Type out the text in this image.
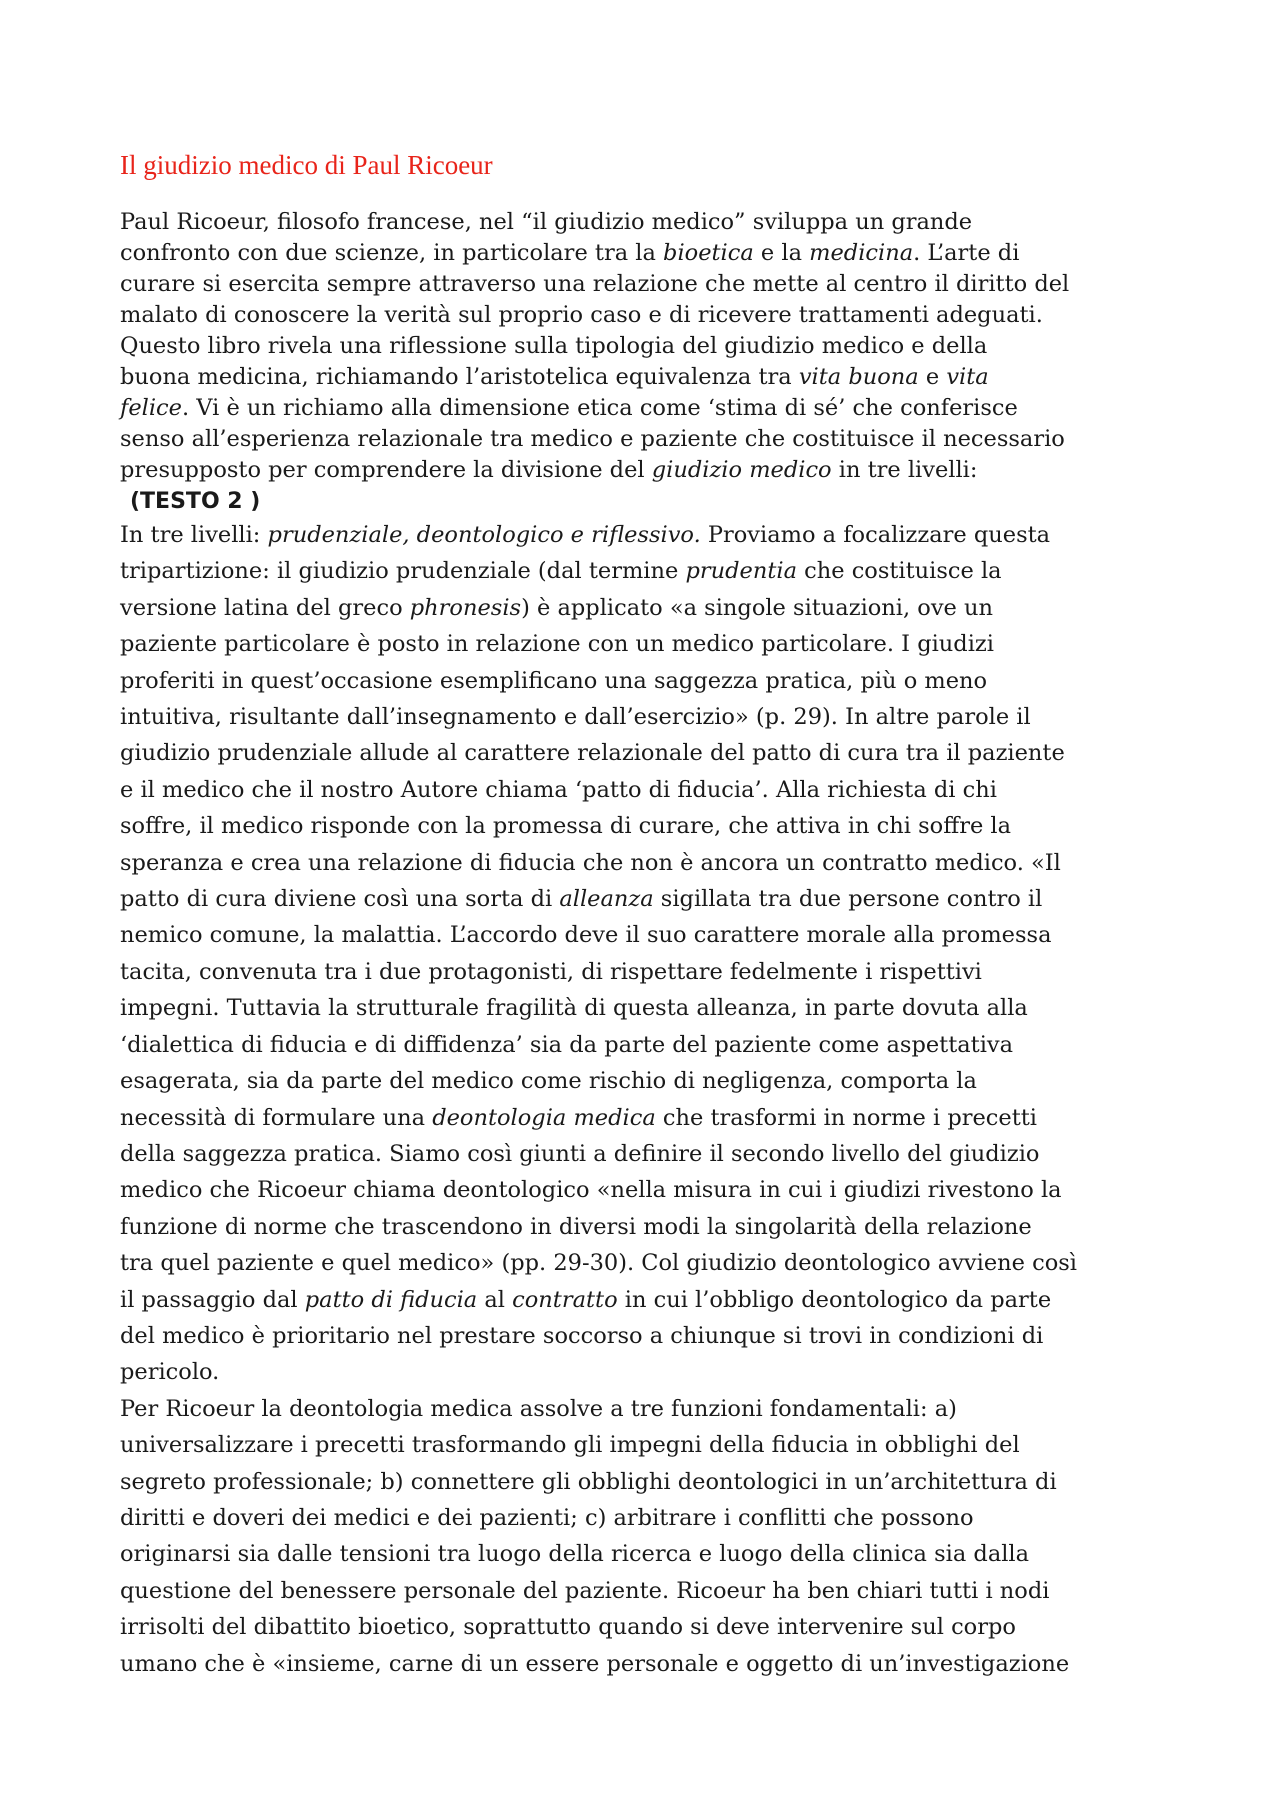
Il giudizio medico di Paul Ricoeur
Paul Ricoeur, filosofo francese, nel “il giudizio medico” sviluppa un grande
confronto con due scienze, in particolare tra la bioetica e la medicina. L’arte di
curare si esercita sempre attraverso una relazione che mette al centro il diritto del
malato di conoscere la verità sul proprio caso e di ricevere trattamenti adeguati.
Questo libro rivela una riflessione sulla tipologia del giudizio medico e della
buona medicina, richiamando l’aristotelica equivalenza tra vita buona e vita
felice. Vi è un richiamo alla dimensione etica come ‘stima di sé’ che conferisce
senso all’esperienza relazionale tra medico e paziente che costituisce il necessario
presupposto per comprendere la divisione del giudizio medico in tre livelli:
(TESTO 2 )
In tre livelli: prudenziale, deontologico e riflessivo. Proviamo a focalizzare questa
tripartizione: il giudizio prudenziale (dal termine prudentia che costituisce la
versione latina del greco phronesis) è applicato «a singole situazioni, ove un
paziente particolare è posto in relazione con un medico particolare. I giudizi
proferiti in quest’occasione esemplificano una saggezza pratica, più o meno
intuitiva, risultante dall’insegnamento e dall’esercizio» (p. 29). In altre parole il
giudizio prudenziale allude al carattere relazionale del patto di cura tra il paziente
e il medico che il nostro Autore chiama ‘patto di fiducia’. Alla richiesta di chi
soffre, il medico risponde con la promessa di curare, che attiva in chi soffre la
speranza e crea una relazione di fiducia che non è ancora un contratto medico. «Il
patto di cura diviene così una sorta di alleanza sigillata tra due persone contro il
nemico comune, la malattia. L’accordo deve il suo carattere morale alla promessa
tacita, convenuta tra i due protagonisti, di rispettare fedelmente i rispettivi
impegni. Tuttavia la strutturale fragilità di questa alleanza, in parte dovuta alla
‘dialettica di fiducia e di diffidenza’ sia da parte del paziente come aspettativa
esagerata, sia da parte del medico come rischio di negligenza, comporta la
necessità di formulare una deontologia medica che trasformi in norme i precetti
della saggezza pratica. Siamo così giunti a definire il secondo livello del giudizio
medico che Ricoeur chiama deontologico «nella misura in cui i giudizi rivestono la
funzione di norme che trascendono in diversi modi la singolarità della relazione
tra quel paziente e quel medico» (pp. 29-30). Col giudizio deontologico avviene così
il passaggio dal patto di fiducia al contratto in cui l’obbligo deontologico da parte
del medico è prioritario nel prestare soccorso a chiunque si trovi in condizioni di
pericolo.
Per Ricoeur la deontologia medica assolve a tre funzioni fondamentali: a)
universalizzare i precetti trasformando gli impegni della fiducia in obblighi del
segreto professionale; b) connettere gli obblighi deontologici in un’architettura di
diritti e doveri dei medici e dei pazienti; c) arbitrare i conflitti che possono
originarsi sia dalle tensioni tra luogo della ricerca e luogo della clinica sia dalla
questione del benessere personale del paziente. Ricoeur ha ben chiari tutti i nodi
irrisolti del dibattito bioetico, soprattutto quando si deve intervenire sul corpo
umano che è «insieme, carne di un essere personale e oggetto di un’investigazione
